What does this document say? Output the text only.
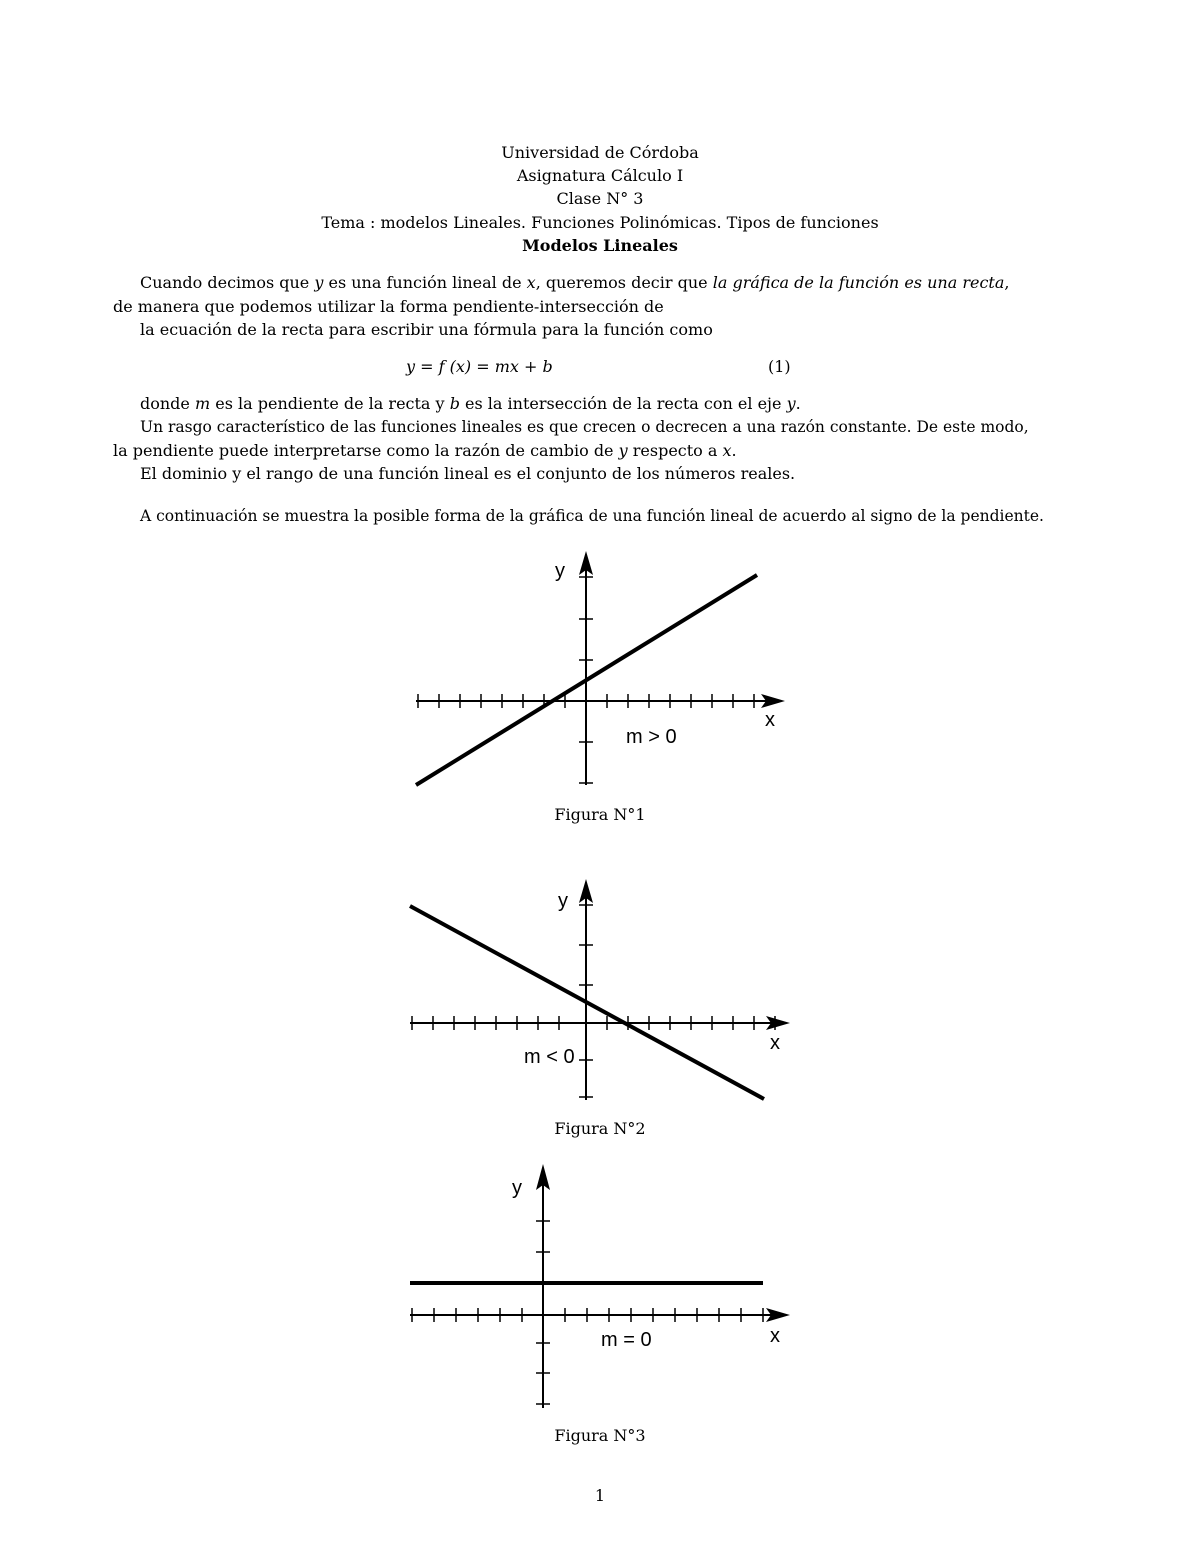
Universidad de Córdoba
Asignatura Cálculo I
Clase N° 3
Tema : modelos Lineales. Funciones Polinómicas. Tipos de funciones
Modelos Lineales
Cuando decimos que y es una función lineal de x, queremos decir que la gráfica de la función es una recta,
de manera que podemos utilizar la forma pendiente-intersección de
la ecuación de la recta para escribir una fórmula para la función como
y = f (x) = mx + b	(1)
donde m es la pendiente de la recta y b es la intersección de la recta con el eje y.
Un rasgo característico de las funciones lineales es que crecen o decrecen a una razón constante. De este modo,
la pendiente puede interpretarse como la razón de cambio de y respecto a x.
El dominio y el rango de una función lineal es el conjunto de los números reales.
A continuación se muestra la posible forma de la gráfica de una función lineal de acuerdo al signo de la pendiente.
y
x
m > 0
Figura N°1
y
x
m < 0
Figura N°2
y
x
m = 0
Figura N°3
1
